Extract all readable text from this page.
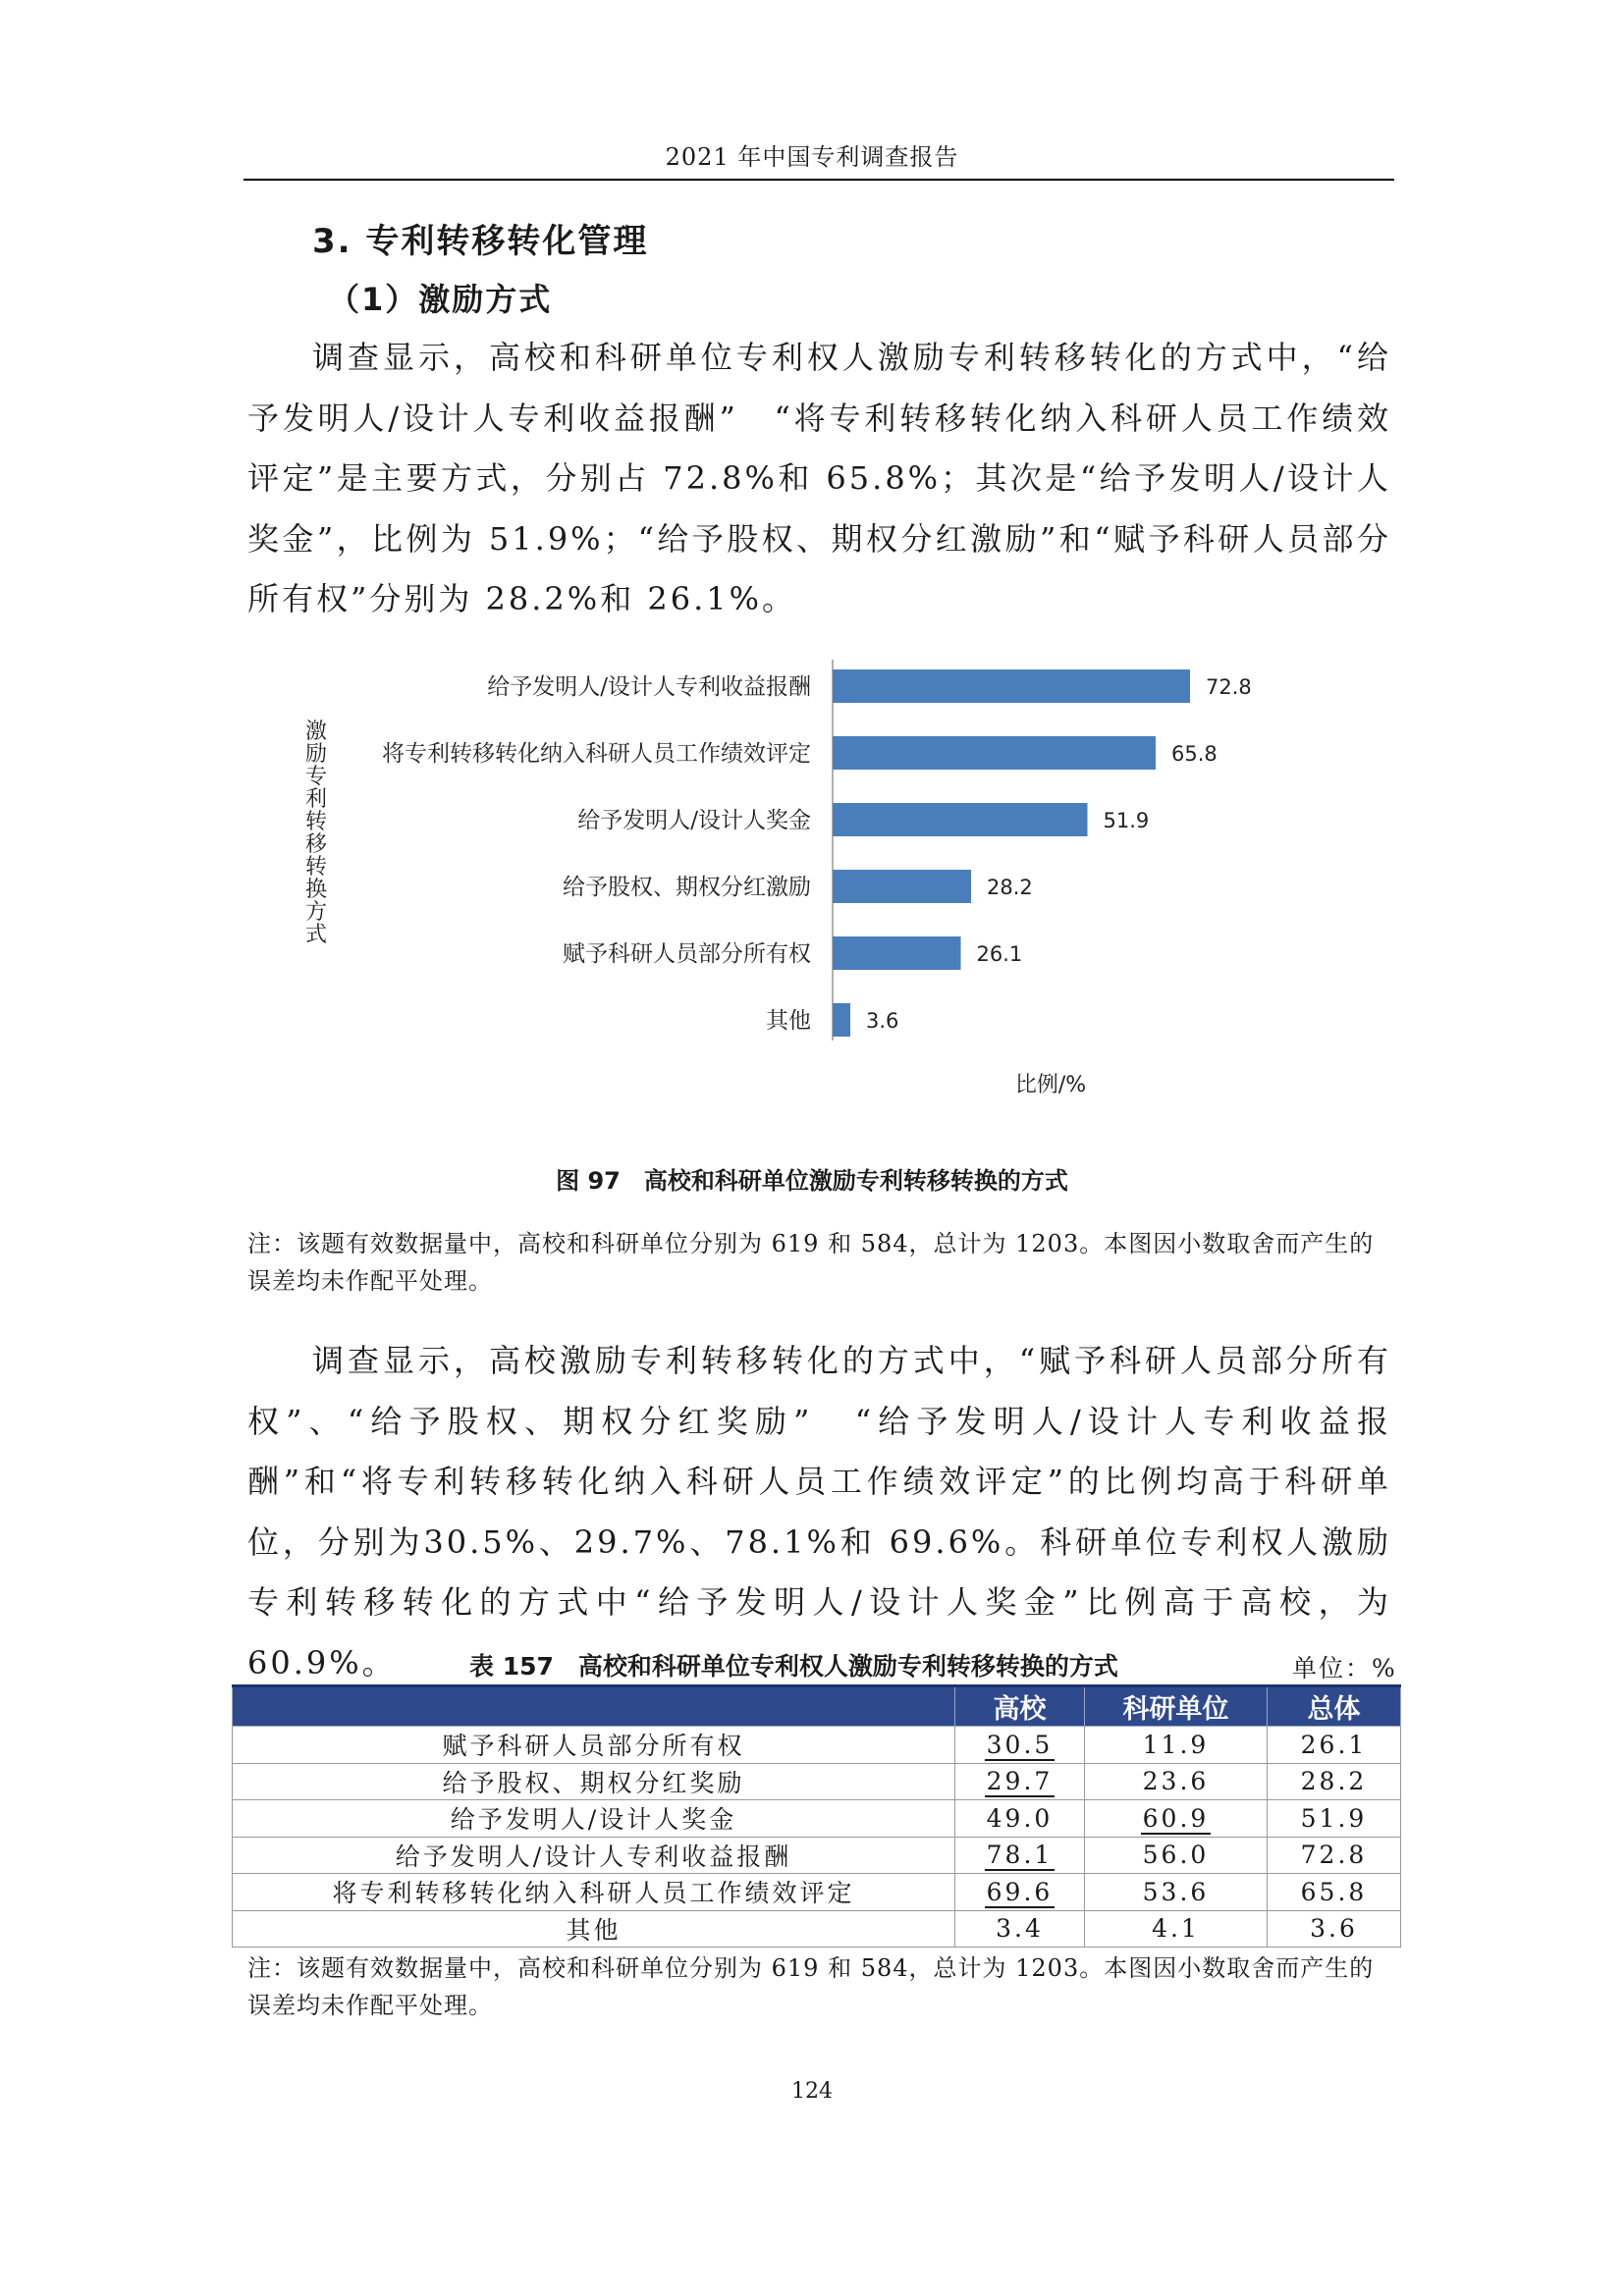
2021 年中国专利调查报告
3. 专利转移转化管理
（1）激励方式
调查显示，高校和科研单位专利权人激励专利转移转化的方式中，“给予发明人/设计人专利收益报酬”　“将专利转移转化纳入科研人员工作绩效评定”是主要方式，分别占 72.8%和 65.8%；其次是“给予发明人/设计人奖金”，比例为 51.9%；“给予股权、期权分红激励”和“赋予科研人员部分所有权”分别为 28.2%和 26.1%。
给予发明人/设计人专利收益报酬	72.8
将专利转移转化纳入科研人员工作绩效评定	65.8
给予发明人/设计人奖金	51.9
给予股权、期权分红激励	28.2
赋予科研人员部分所有权	26.1
其他	3.6
比例/%
激励专利转移转换方式
图 97　高校和科研单位激励专利转移转换的方式
注：该题有效数据量中，高校和科研单位分别为 619 和 584，总计为 1203。本图因小数取舍而产生的误差均未作配平处理。
调查显示，高校激励专利转移转化的方式中，“赋予科研人员部分所有权”、“给予股权、期权分红奖励”　“给予发明人/设计人专利收益报酬”和“将专利转移转化纳入科研人员工作绩效评定”的比例均高于科研单位，分别为30.5%、29.7%、78.1%和 69.6%。科研单位专利权人激励专利转移转化的方式中“给予发明人/设计人奖金”比例高于高校，为 60.9%。	表 157　高校和科研单位专利权人激励专利转移转换的方式	单位：%
	高校	科研单位	总体
赋予科研人员部分所有权	30.5	11.9	26.1
给予股权、期权分红奖励	29.7	23.6	28.2
给予发明人/设计人奖金	49.0	60.9	51.9
给予发明人/设计人专利收益报酬	78.1	56.0	72.8
将专利转移转化纳入科研人员工作绩效评定	69.6	53.6	65.8
其他	3.4	4.1	3.6
注：该题有效数据量中，高校和科研单位分别为 619 和 584，总计为 1203。本图因小数取舍而产生的误差均未作配平处理。
124
